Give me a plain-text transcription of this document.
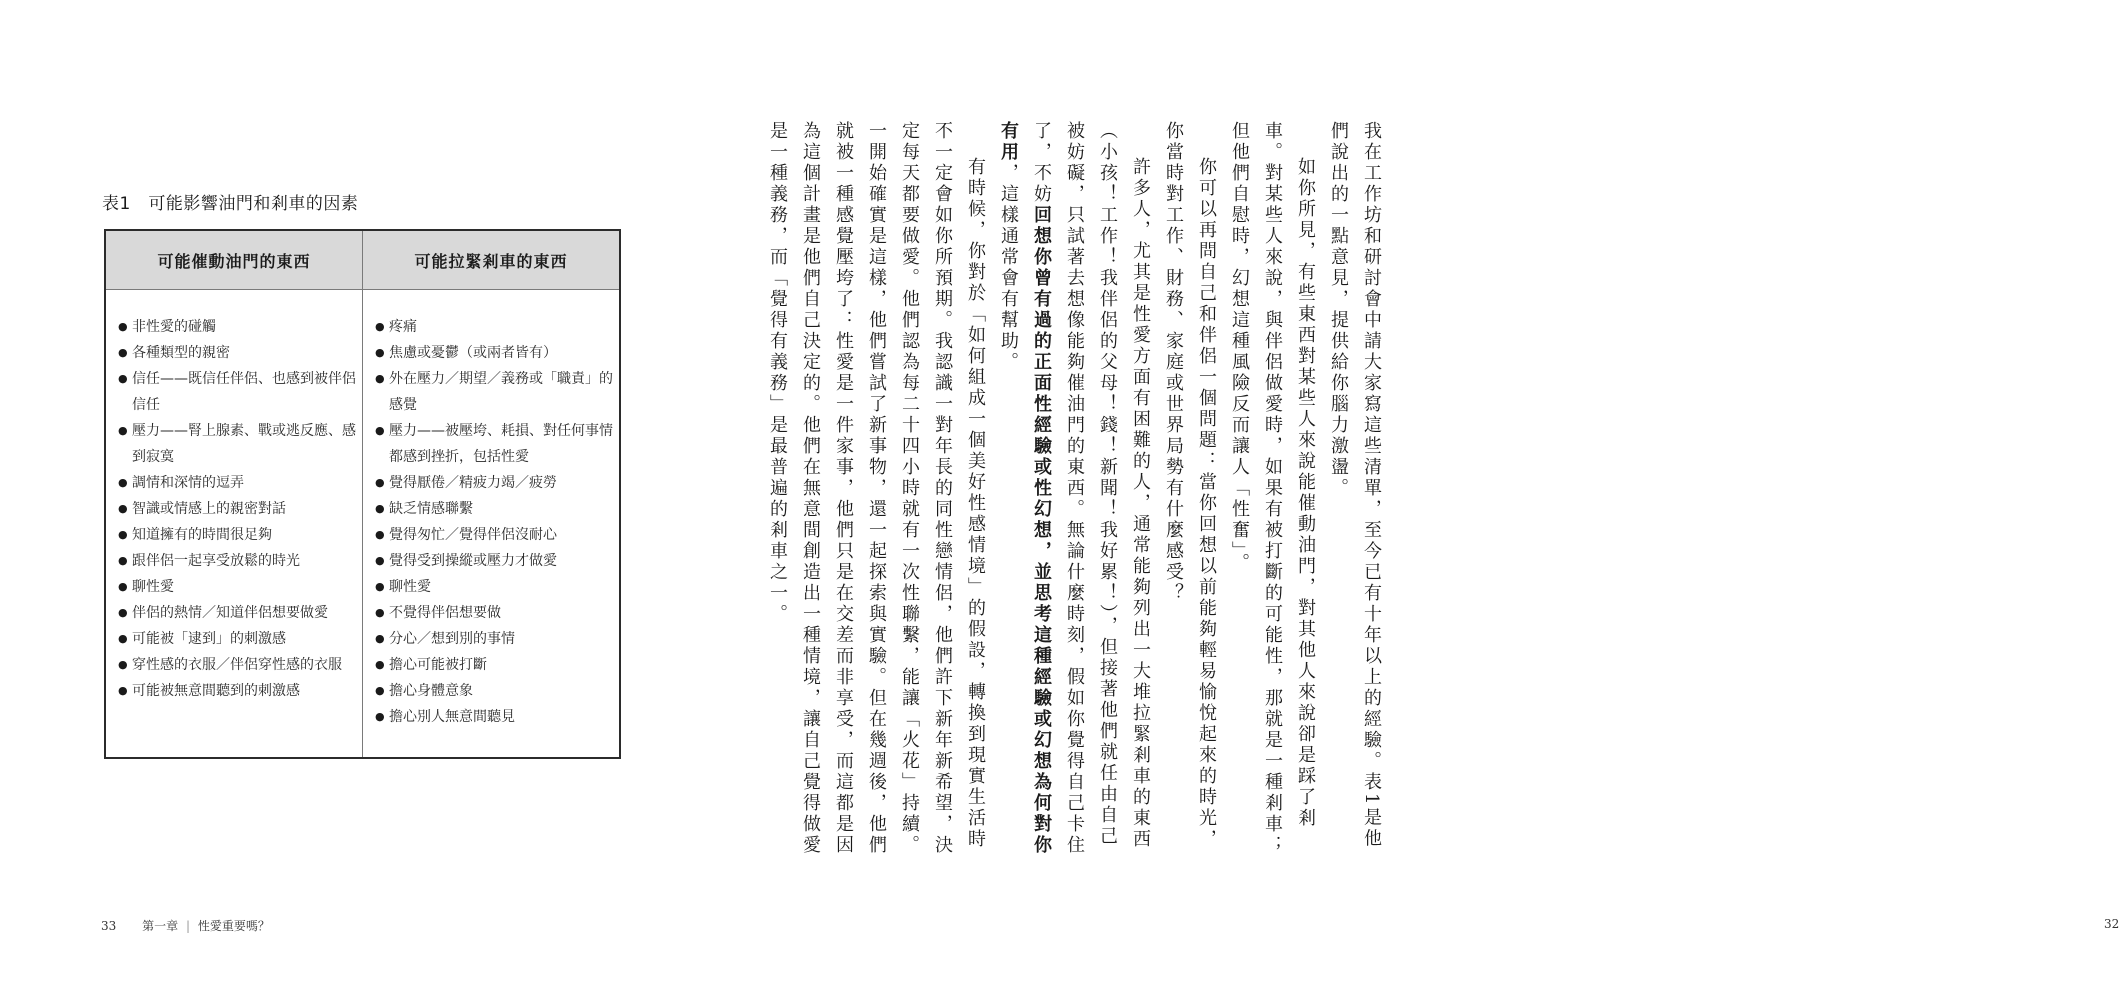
表1　可能影響油門和剎車的因素
可能催動油門的東西	可能拉緊剎車的東西
● 非性愛的碰觸
● 各種類型的親密
● 信任——既信任伴侶、也感到被伴侶信任
● 壓力——腎上腺素、戰或逃反應、感到寂寞
● 調情和深情的逗弄
● 智識或情感上的親密對話
● 知道擁有的時間很足夠
● 跟伴侶一起享受放鬆的時光
● 聊性愛
● 伴侶的熱情／知道伴侶想要做愛
● 可能被「逮到」的刺激感
● 穿性感的衣服／伴侶穿性感的衣服
● 可能被無意間聽到的刺激感
● 疼痛
● 焦慮或憂鬱（或兩者皆有）
● 外在壓力／期望／義務或「職責」的感覺
● 壓力——被壓垮、耗損、對任何事情都感到挫折，包括性愛
● 覺得厭倦／精疲力竭／疲勞
● 缺乏情感聯繫
● 覺得匆忙／覺得伴侶沒耐心
● 覺得受到操縱或壓力才做愛
● 聊性愛
● 不覺得伴侶想要做
● 分心／想到別的事情
● 擔心可能被打斷
● 擔心身體意象
● 擔心別人無意間聽見
33 第一章 | 性愛重要嗎？

我在工作坊和研討會中請大家寫這些清單，至今已有十年以上的經驗。表1是他們說出的一點意見，提供給你腦力激盪。

如你所見，有些東西對某些人來說能催動油門，對其他人來說卻是踩了剎車。對某些人來說，與伴侶做愛時，如果有被打斷的可能性，那就是一種剎車；但他們自慰時，幻想這種風險反而讓人「性奮」。

你可以再問自己和伴侶一個問題：當你回想以前能夠輕易愉悅起來的時光，你當時對工作、財務、家庭或世界局勢有什麼感受？

許多人，尤其是性愛方面有困難的人，通常能夠列出一大堆拉緊剎車的東西（小孩！工作！我伴侶的父母！錢！新聞！我好累！），但接著他們就任由自己被妨礙，只試著去想像能夠催油門的東西。無論什麼時刻，假如你覺得自己卡住了，不妨回想你曾有過的正面性經驗或性幻想，並思考這種經驗或幻想為何對你有用，這樣通常會有幫助。

有時候，你對於「如何組成一個美好性感情境」的假設，轉換到現實生活時不一定會如你所預期。我認識一對年長的同性戀情侶，他們許下新年新希望，決定每天都要做愛。他們認為每二十四小時就有一次性聯繫，能讓「火花」持續。一開始確實是這樣，他們嘗試了新事物，還一起探索與實驗。但在幾週後，他們就被一種感覺壓垮了：性愛是一件家事，他們只是在交差而非享受，而這都是因為這個計畫是他們自己決定的。他們在無意間創造出一種情境，讓自己覺得做愛是一種義務，而「覺得有義務」是最普遍的剎車之一。

32
